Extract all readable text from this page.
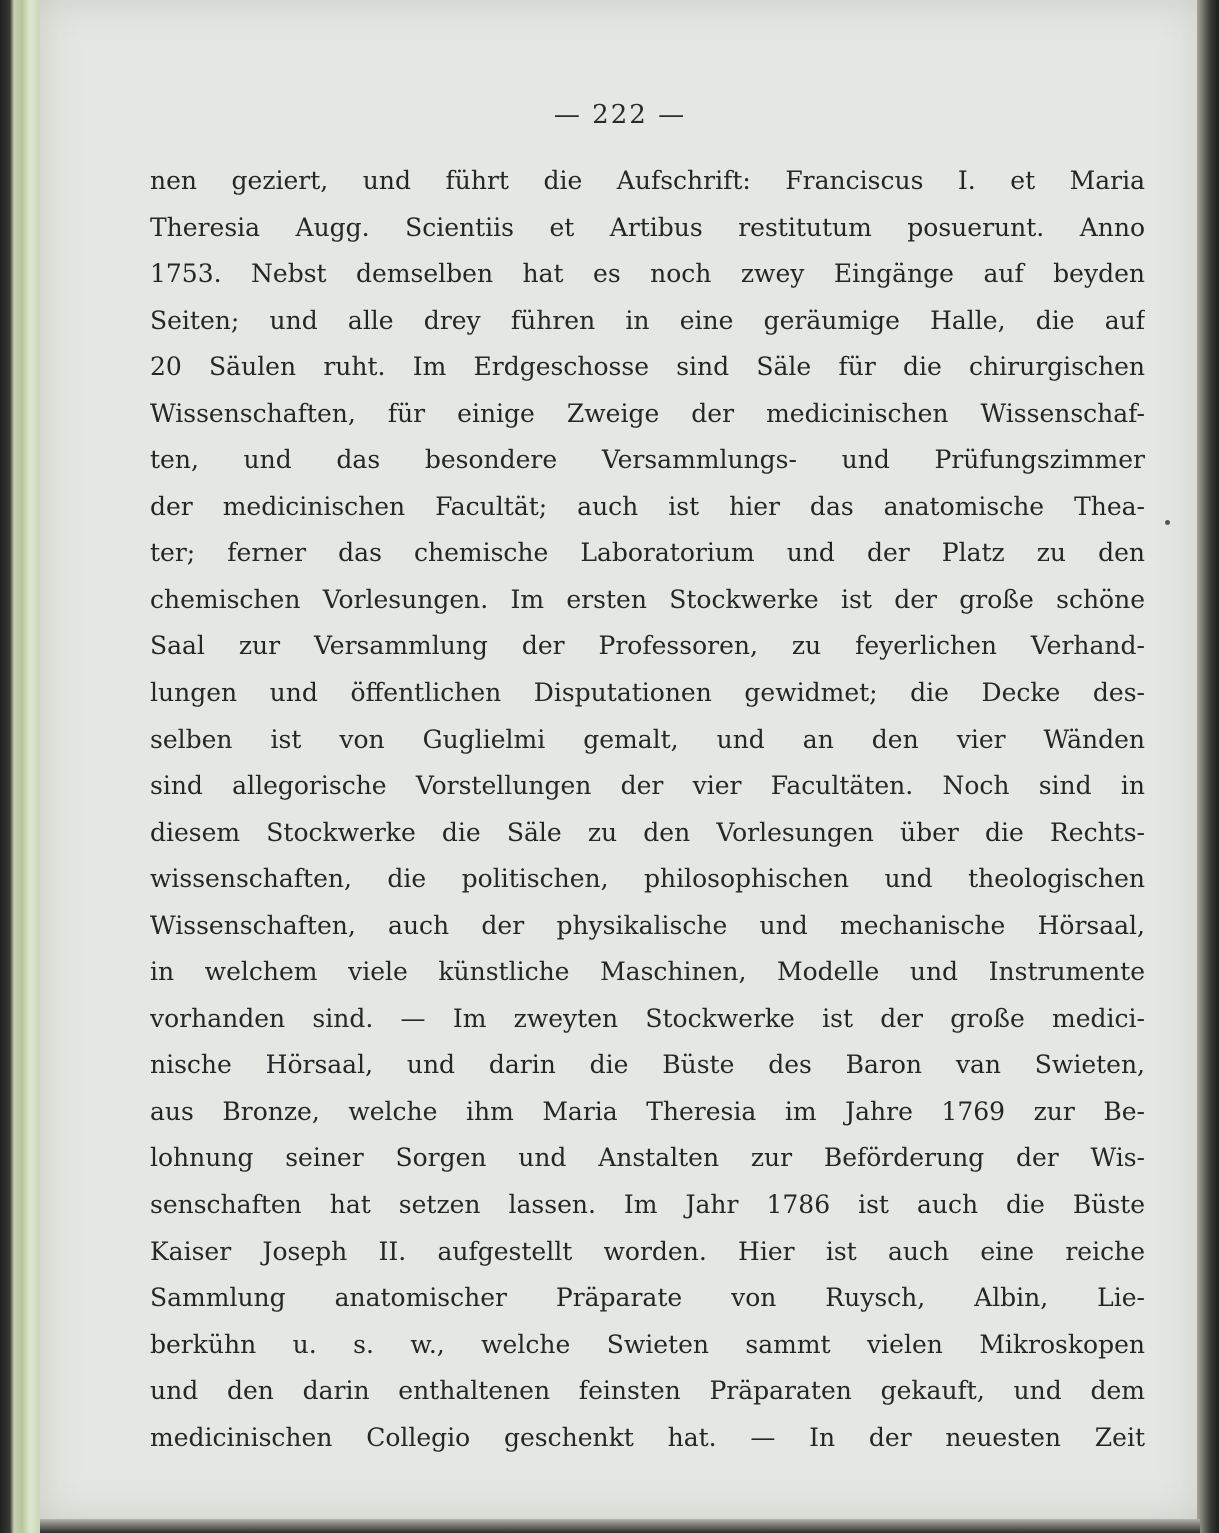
— 222 —
nen geziert, und führt die Aufschrift: Franciscus I. et Maria
Theresia Augg. Scientiis et Artibus restitutum posuerunt. Anno
1753. Nebst demselben hat es noch zwey Eingänge auf beyden
Seiten; und alle drey führen in eine geräumige Halle, die auf
20 Säulen ruht. Im Erdgeschosse sind Säle für die chirurgischen
Wissenschaften, für einige Zweige der medicinischen Wissenschaf-
ten, und das besondere Versammlungs- und Prüfungszimmer
der medicinischen Facultät; auch ist hier das anatomische Thea-
ter; ferner das chemische Laboratorium und der Platz zu den
chemischen Vorlesungen. Im ersten Stockwerke ist der große schöne
Saal zur Versammlung der Professoren, zu feyerlichen Verhand-
lungen und öffentlichen Disputationen gewidmet; die Decke des-
selben ist von Guglielmi gemalt, und an den vier Wänden
sind allegorische Vorstellungen der vier Facultäten. Noch sind in
diesem Stockwerke die Säle zu den Vorlesungen über die Rechts-
wissenschaften, die politischen, philosophischen und theologischen
Wissenschaften, auch der physikalische und mechanische Hörsaal,
in welchem viele künstliche Maschinen, Modelle und Instrumente
vorhanden sind. — Im zweyten Stockwerke ist der große medici-
nische Hörsaal, und darin die Büste des Baron van Swieten,
aus Bronze, welche ihm Maria Theresia im Jahre 1769 zur Be-
lohnung seiner Sorgen und Anstalten zur Beförderung der Wis-
senschaften hat setzen lassen. Im Jahr 1786 ist auch die Büste
Kaiser Joseph II. aufgestellt worden. Hier ist auch eine reiche
Sammlung anatomischer Präparate von Ruysch, Albin, Lie-
berkühn u. s. w., welche Swieten sammt vielen Mikroskopen
und den darin enthaltenen feinsten Präparaten gekauft, und dem
medicinischen Collegio geschenkt hat. — In der neuesten Zeit
